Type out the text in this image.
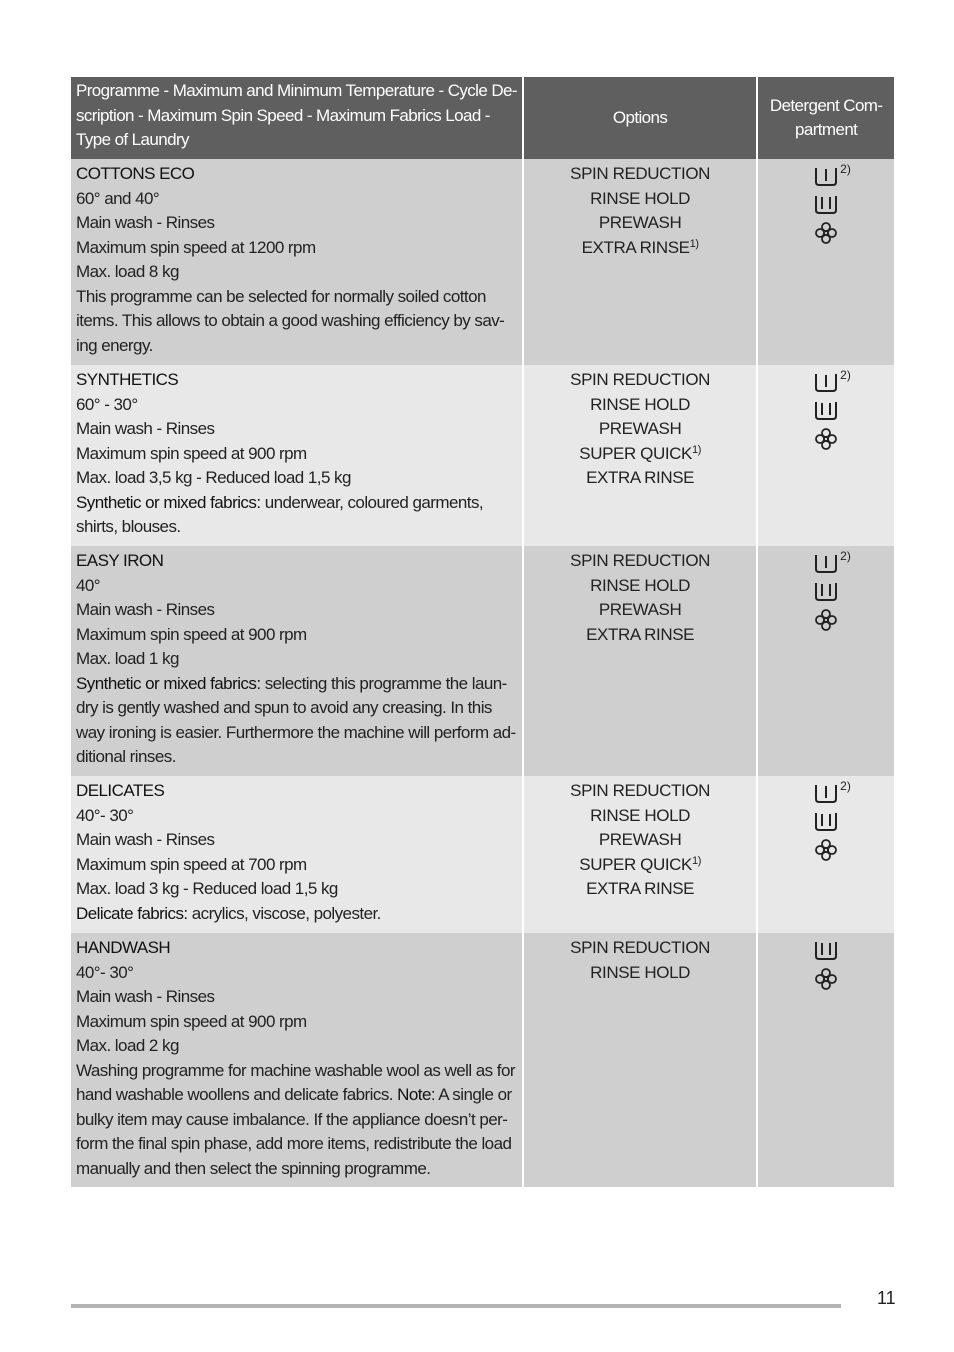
Programme - Maximum and Minimum Temperature - Cycle De-
scription - Maximum Spin Speed - Maximum Fabrics Load -
Type of Laundry
Options
Detergent Com-
partment
COTTONS ECO
60° and 40°
Main wash - Rinses
Maximum spin speed at 1200 rpm
Max. load 8 kg
This programme can be selected for normally soiled cotton
items. This allows to obtain a good washing efficiency by sav-
ing energy.
SPIN REDUCTION
RINSE HOLD
PREWASH
EXTRA RINSE$^{1)}$
2)
SYNTHETICS
60° - 30°
Main wash - Rinses
Maximum spin speed at 900 rpm
Max. load 3,5 kg - Reduced load 1,5 kg
Synthetic or mixed fabrics: underwear, coloured garments,
shirts, blouses.
SPIN REDUCTION
RINSE HOLD
PREWASH
SUPER QUICK$^{1)}$
EXTRA RINSE
2)
EASY IRON
40°
Main wash - Rinses
Maximum spin speed at 900 rpm
Max. load 1 kg
Synthetic or mixed fabrics: selecting this programme the laun-
dry is gently washed and spun to avoid any creasing. In this
way ironing is easier. Furthermore the machine will perform ad-
ditional rinses.
SPIN REDUCTION
RINSE HOLD
PREWASH
EXTRA RINSE
2)
DELICATES
40°- 30°
Main wash - Rinses
Maximum spin speed at 700 rpm
Max. load 3 kg - Reduced load 1,5 kg
Delicate fabrics: acrylics, viscose, polyester.
SPIN REDUCTION
RINSE HOLD
PREWASH
SUPER QUICK$^{1)}$
EXTRA RINSE
2)
HANDWASH
40°- 30°
Main wash - Rinses
Maximum spin speed at 900 rpm
Max. load 2 kg
Washing programme for machine washable wool as well as for
hand washable woollens and delicate fabrics. Note: A single or
bulky item may cause imbalance. If the appliance doesn’t per-
form the final spin phase, add more items, redistribute the load
manually and then select the spinning programme.
SPIN REDUCTION
RINSE HOLD
11
